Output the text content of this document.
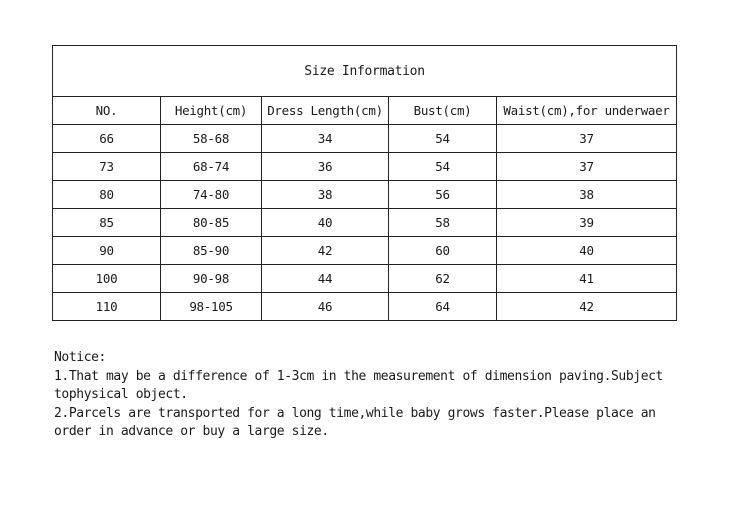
Size Information				
NO.	Height(cm)	Dress Length(cm)	Bust(cm)	Waist(cm),for underwaer
66	58-68	34	54	37
73	68-74	36	54	37
80	74-80	38	56	38
85	80-85	40	58	39
90	85-90	42	60	40
100	90-98	44	62	41
110	98-105	46	64	42

Notice:

1.That may be a difference of 1-3cm in the measurement of dimension paving.Subject

tophysical object.

2.Parcels are transported for a long time,while baby grows faster.Please place an

order in advance or buy a large size.
